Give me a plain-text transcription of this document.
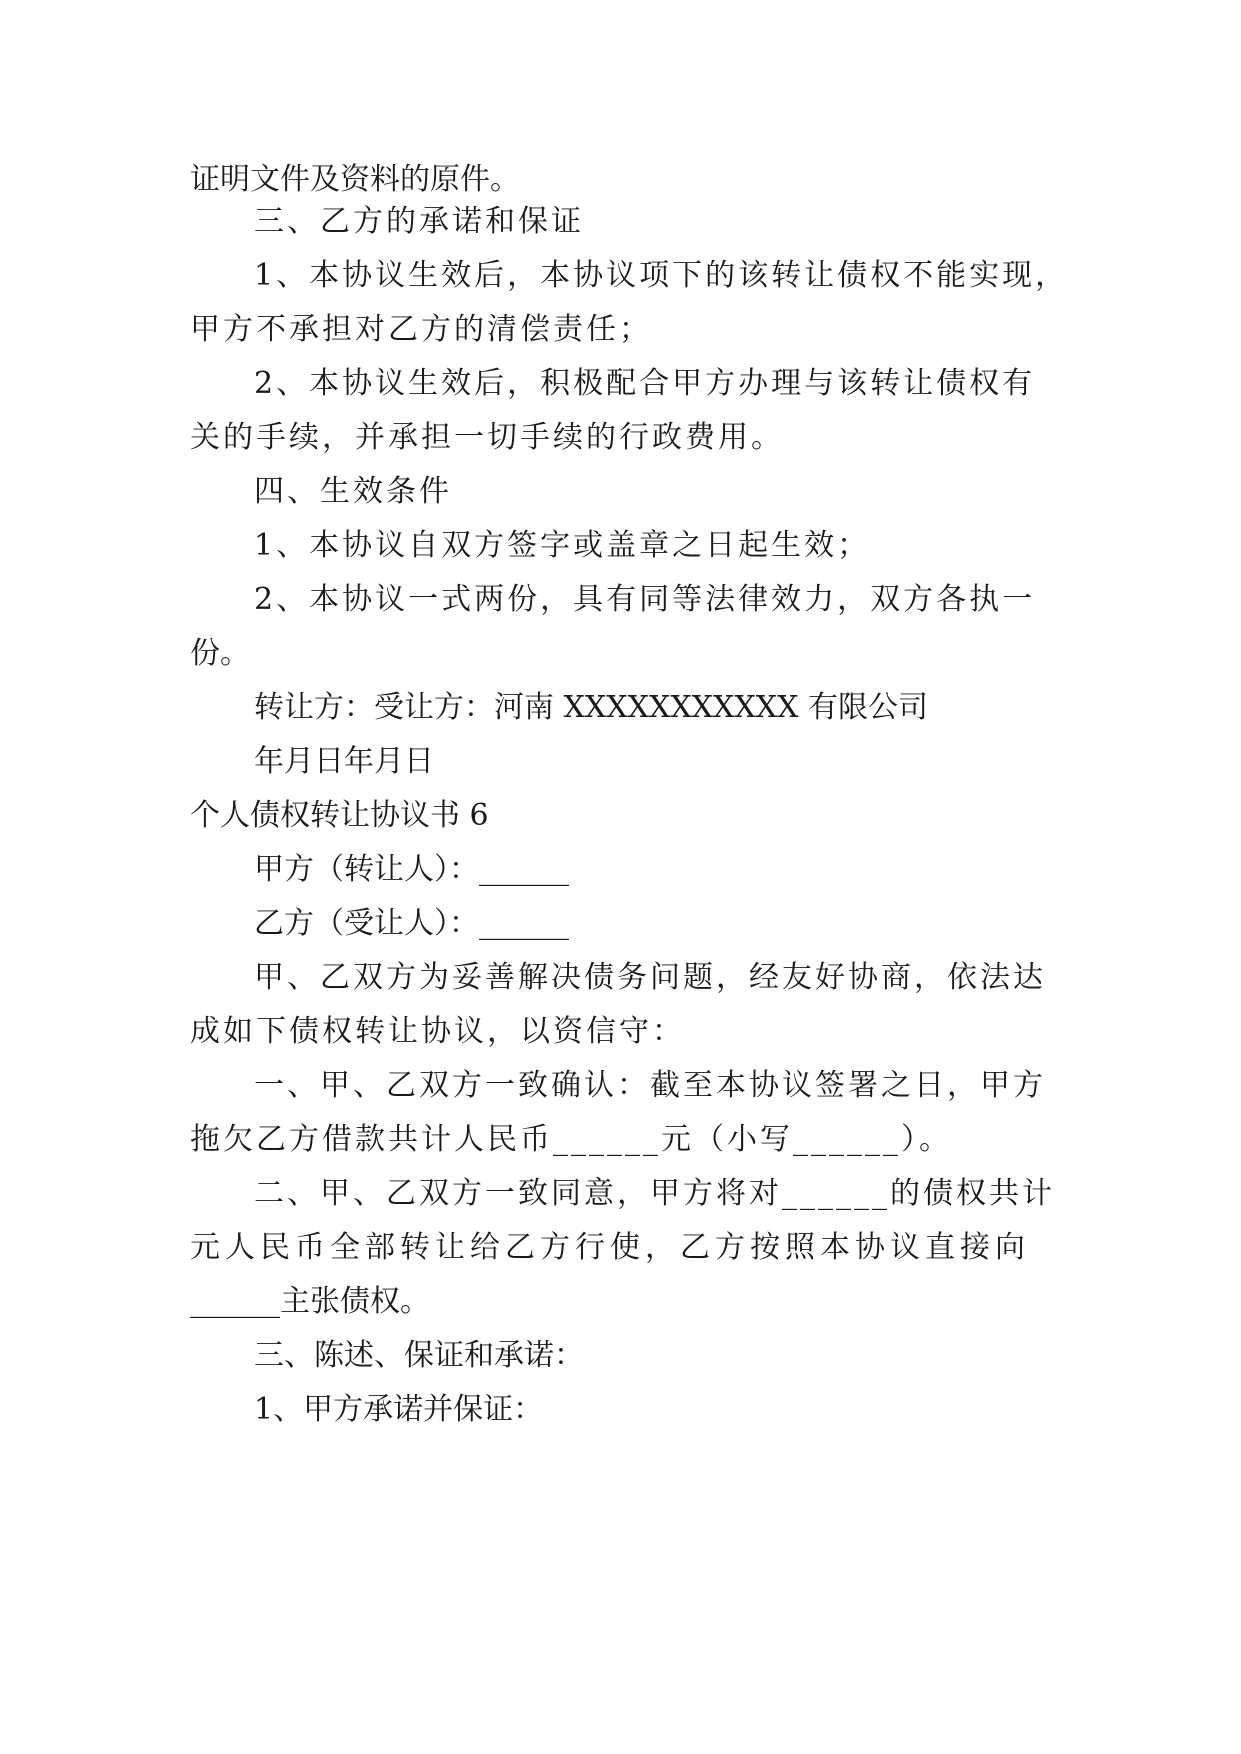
证明文件及资料的原件。
三、乙方的承诺和保证
1、本协议生效后，本协议项下的该转让债权不能实现，
甲方不承担对乙方的清偿责任；
2、本协议生效后，积极配合甲方办理与该转让债权有
关的手续，并承担一切手续的行政费用。
四、生效条件
1、本协议自双方签字或盖章之日起生效；
2、本协议一式两份，具有同等法律效力，双方各执一
份。
转让方：受让方：河南 XXXXXXXXXXX 有限公司
年月日年月日
个人债权转让协议书 6
甲方（转让人）：______
乙方（受让人）：______
甲、乙双方为妥善解决债务问题，经友好协商，依法达
成如下债权转让协议，以资信守：
一、甲、乙双方一致确认：截至本协议签署之日，甲方
拖欠乙方借款共计人民币______元（小写______）。
二、甲、乙双方一致同意，甲方将对______的债权共计
元人民币全部转让给乙方行使，乙方按照本协议直接向
______主张债权。
三、陈述、保证和承诺：
1、甲方承诺并保证：
